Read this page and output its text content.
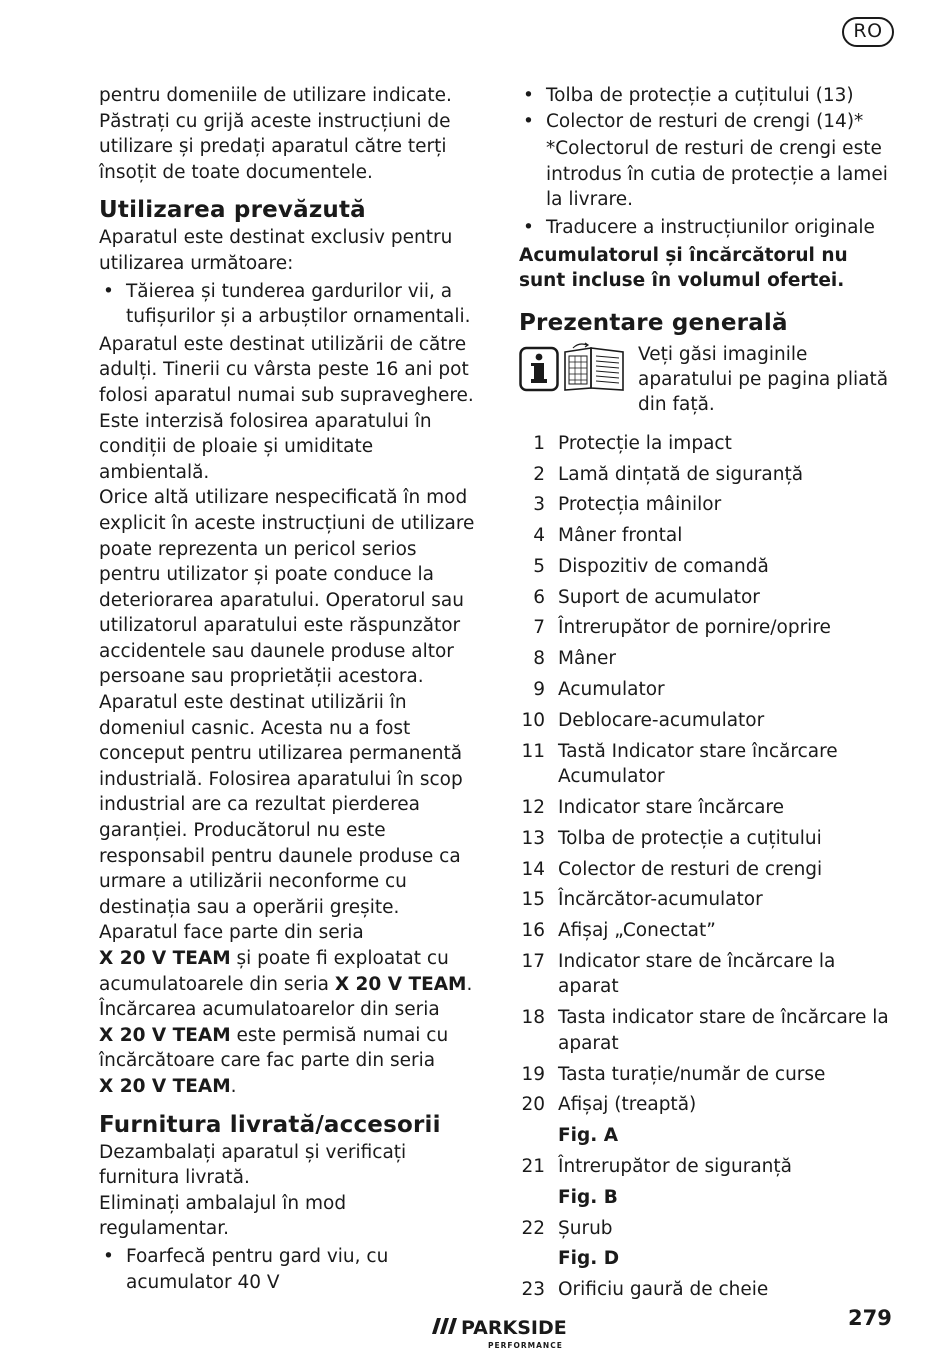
RO

pentru domeniile de utilizare indicate. Păstrați cu grijă aceste instrucțiuni de utilizare și predați aparatul către terți însoțit de toate documentele.

Utilizarea prevăzută

Aparatul este destinat exclusiv pentru utilizarea următoare:

• Tăierea și tunderea gardurilor vii, a tufișurilor și a arbuștilor ornamentali.

Aparatul este destinat utilizării de către adulți. Tinerii cu vârsta peste 16 ani pot folosi aparatul numai sub supraveghere.

Este interzisă folosirea aparatului în condiții de ploaie și umiditate ambientală.

Orice altă utilizare nespecificată în mod explicit în aceste instrucțiuni de utilizare poate reprezenta un pericol serios pentru utilizator și poate conduce la deteriorarea aparatului. Operatorul sau utilizatorul aparatului este răspunzător accidentele sau daunele produse altor persoane sau proprietății acestora. Aparatul este destinat utilizării în domeniul casnic. Acesta nu a fost conceput pentru utilizarea permanentă industrială. Folosirea aparatului în scop industrial are ca rezultat pierderea garanției. Producătorul nu este responsabil pentru daunele produse ca urmare a utilizării neconforme cu destinația sau a operării greșite.

Aparatul face parte din seria
X 20 V TEAM și poate fi exploatat cu acumulatoarele din seria X 20 V TEAM.

Încărcarea acumulatoarelor din seria
X 20 V TEAM este permisă numai cu încărcătoare care fac parte din seria
X 20 V TEAM.

Furnitura livrată/accesorii

Dezambalați aparatul și verificați furnitura livrată.

Eliminați ambalajul în mod regulamentar.

• Foarfecă pentru gard viu, cu acumulator 40 V
• Tolba de protecție a cuțitului (13)
• Colector de resturi de crengi (14)*

*Colectorul de resturi de crengi este introdus în cutia de protecție a lamei la livrare.

• Traducere a instrucțiunilor originale

Acumulatorul și încărcătorul nu sunt incluse în volumul ofertei.

Prezentare generală

Veți găsi imaginile aparatului pe pagina pliată din față.

1 Protecție la impact
2 Lamă dințată de siguranță
3 Protecția mâinilor
4 Mâner frontal
5 Dispozitiv de comandă
6 Suport de acumulator
7 Întrerupător de pornire/oprire
8 Mâner
9 Acumulator
10 Deblocare-acumulator
11 Tastă Indicator stare încărcare Acumulator
12 Indicator stare încărcare
13 Tolba de protecție a cuțitului
14 Colector de resturi de crengi
15 Încărcător-acumulator
16 Afișaj „Conectat”
17 Indicator stare de încărcare la aparat
18 Tasta indicator stare de încărcare la aparat
19 Tasta turație/număr de curse
20 Afișaj (treaptă)
Fig. A
21 Întrerupător de siguranță
Fig. B
22 Șurub
Fig. D
23 Orificiu gaură de cheie
PARKSIDE
PERFORMANCE
279
